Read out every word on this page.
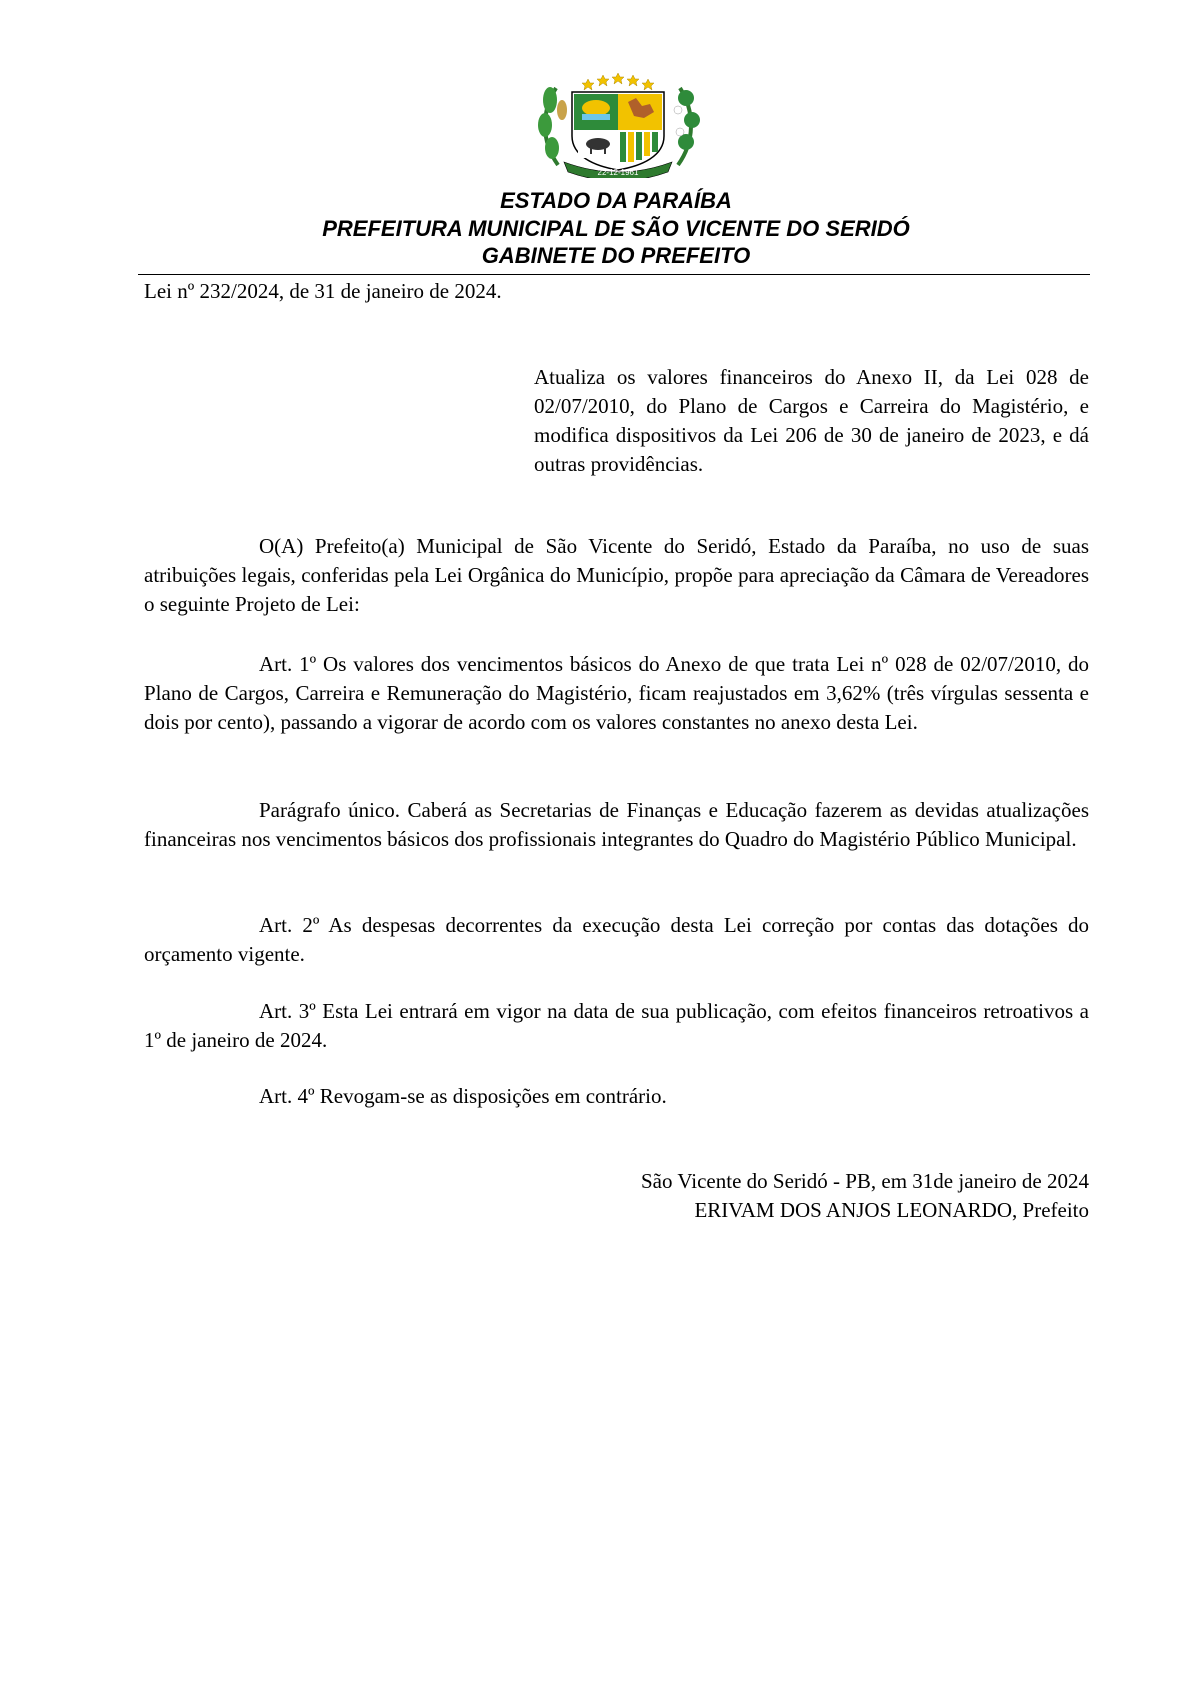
22-12-1961
ESTADO DA PARAÍBA
PREFEITURA MUNICIPAL DE SÃO VICENTE DO SERIDÓ
GABINETE DO PREFEITO
Lei nº 232/2024, de 31 de janeiro de 2024.
Atualiza os valores financeiros do Anexo II, da Lei 028 de 02/07/2010, do Plano de Cargos e Carreira do Magistério, e modifica dispositivos da Lei 206 de 30 de janeiro de 2023, e dá outras providências.
O(A) Prefeito(a) Municipal de São Vicente do Seridó, Estado da Paraíba, no uso de suas atribuições legais, conferidas pela Lei Orgânica do Município, propõe para apreciação da Câmara de Vereadores o seguinte Projeto de Lei:
Art. 1º Os valores dos vencimentos básicos do Anexo de que trata Lei nº 028 de 02/07/2010, do Plano de Cargos, Carreira e Remuneração do Magistério, ficam reajustados em 3,62% (três vírgulas sessenta e dois por cento), passando a vigorar de acordo com os valores constantes no anexo desta Lei.
Parágrafo único. Caberá as Secretarias de Finanças e Educação fazerem as devidas atualizações financeiras nos vencimentos básicos dos profissionais integrantes do Quadro do Magistério Público Municipal.
Art. 2º As despesas decorrentes da execução desta Lei correção por contas das dotações do orçamento vigente.
Art. 3º Esta Lei entrará em vigor na data de sua publicação, com efeitos financeiros retroativos a 1º de janeiro de 2024.
Art. 4º Revogam-se as disposições em contrário.
São Vicente do Seridó - PB, em 31de janeiro de 2024
ERIVAM DOS ANJOS LEONARDO, Prefeito
